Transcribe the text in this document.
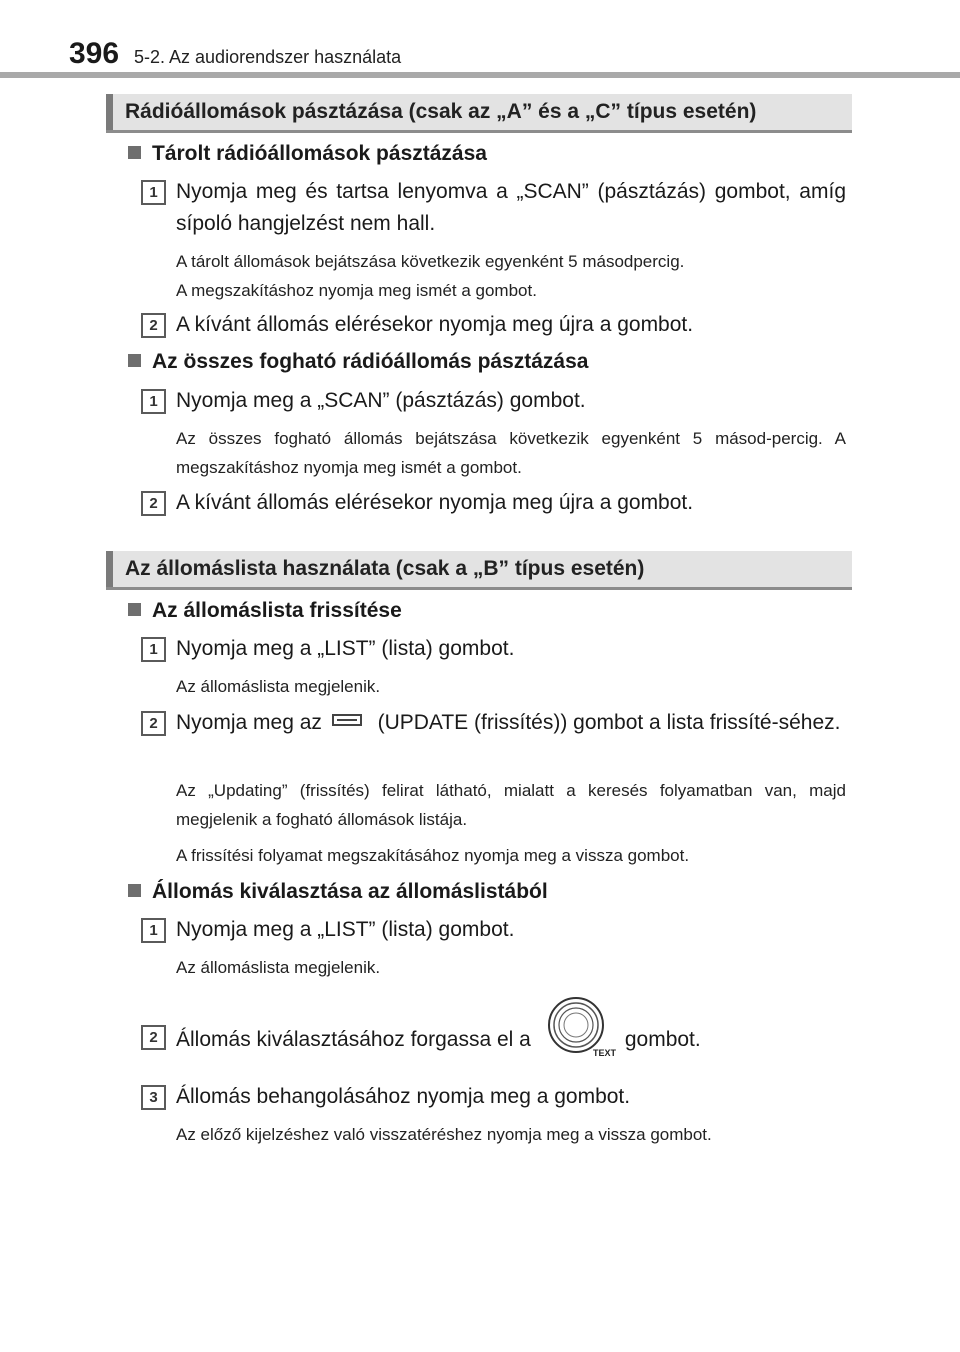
396 5-2. Az audiorendszer használata
Rádióállomások pásztázása (csak az „A” és a „C” típus esetén)
Tárolt rádióállomások pásztázása
1 Nyomja meg és tartsa lenyomva a „SCAN” (pásztázás) gombot, amíg sípoló hangjelzést nem hall.
A tárolt állomások bejátszása következik egyenként 5 másodpercig.
A megszakításhoz nyomja meg ismét a gombot.
2 A kívánt állomás elérésekor nyomja meg újra a gombot.
Az összes fogható rádióállomás pásztázása
1 Nyomja meg a „SCAN” (pásztázás) gombot.
Az összes fogható állomás bejátszása következik egyenként 5 másod-percig. A megszakításhoz nyomja meg ismét a gombot.
2 A kívánt állomás elérésekor nyomja meg újra a gombot.
Az állomáslista használata (csak a „B” típus esetén)
Az állomáslista frissítése
1 Nyomja meg a „LIST” (lista) gombot.
Az állomáslista megjelenik.
2 Nyomja meg az	(UPDATE (frissítés)) gombot a lista frissíté-séhez.
Az „Updating” (frissítés) felirat látható, mialatt a keresés folyamatban van, majd megjelenik a fogható állomások listája.
A frissítési folyamat megszakításához nyomja meg a vissza gombot.
Állomás kiválasztása az állomáslistából
1 Nyomja meg a „LIST” (lista) gombot.
Az állomáslista megjelenik.
2 Állomás kiválasztásához forgassa el a
TEXT
gombot.
3 Állomás behangolásához nyomja meg a gombot.
Az előző kijelzéshez való visszatéréshez nyomja meg a vissza gombot.
